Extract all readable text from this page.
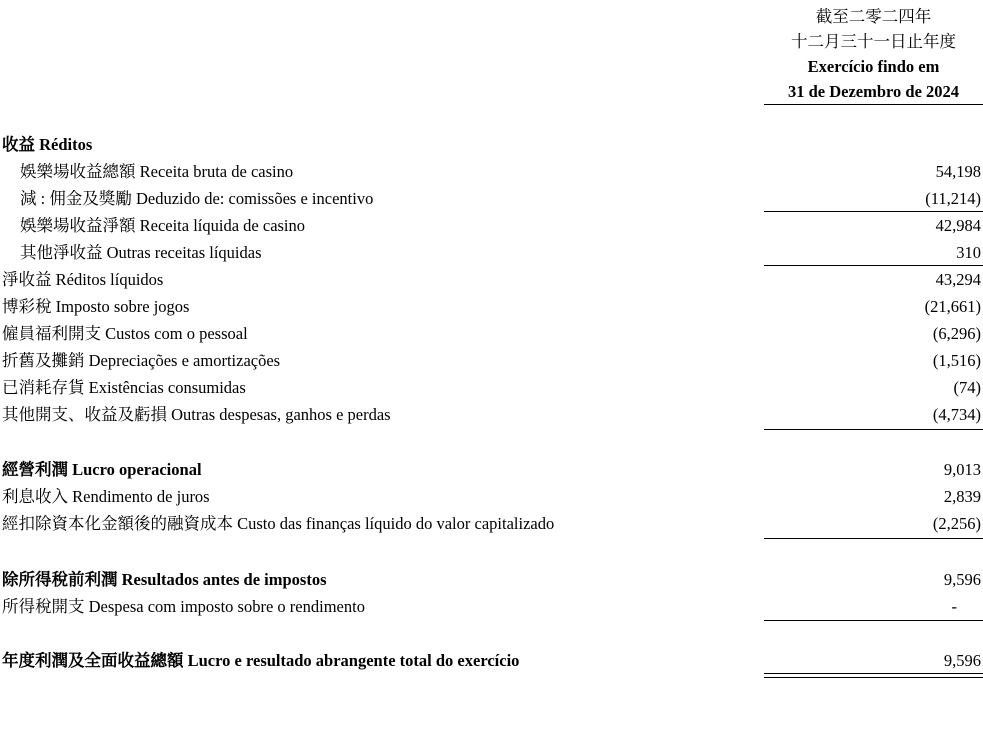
截至二零二四年
十二月三十一日止年度
Exercício findo em
31 de Dezembro de 2024
收益 Réditos
娛樂場收益總額 Receita bruta de casino	54,198
減 : 佣金及獎勵 Deduzido de: comissões e incentivo	(11,214)
娛樂場收益淨額 Receita líquida de casino	42,984
其他淨收益 Outras receitas líquidas	310
淨收益 Réditos líquidos	43,294
博彩稅 Imposto sobre jogos	(21,661)
僱員福利開支 Custos com o pessoal	(6,296)
折舊及攤銷 Depreciações e amortizações	(1,516)
已消耗存貨 Existências consumidas	(74)
其他開支、收益及虧損 Outras despesas, ganhos e perdas	(4,734)
經營利潤 Lucro operacional	9,013
利息收入 Rendimento de juros	2,839
經扣除資本化金額後的融資成本 Custo das finanças líquido do valor capitalizado	(2,256)
除所得稅前利潤 Resultados antes de impostos	9,596
所得稅開支 Despesa com imposto sobre o rendimento	-
年度利潤及全面收益總額 Lucro e resultado abrangente total do exercício	9,596
